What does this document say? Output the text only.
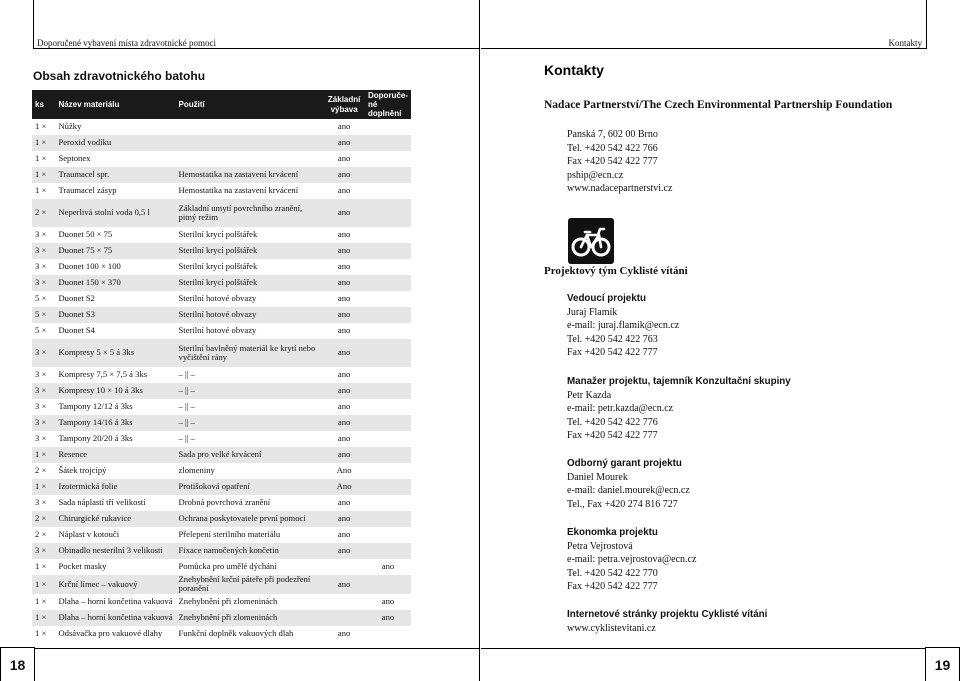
Doporučené vybavení místa zdravotnické pomoci	Kontakty
18	19
Obsah zdravotnického batohu
ks	Název materiálu	Použití	Základní výbava	Doporuče-né doplnění
1 ×	Nůžky		ano	
1 ×	Peroxid vodíku		ano	
1 ×	Septonex		ano	
1 ×	Traumacel spr.	Hemostatika na zastavení krvácení	ano	
1 ×	Traumacel zásyp	Hemostatika na zastavení krvácení	ano	
2 ×	Neperlivá stolní voda 0,5 l	Základní umytí povrchního zranění, pitný režim	ano	
3 ×	Duonet 50 × 75	Sterilní krycí polštářek	ano	
3 ×	Duonet 75 × 75	Sterilní krycí polštářek	ano	
3 ×	Duonet 100 × 100	Sterilní krycí polštářek	ano	
3 ×	Duonet 150 × 370	Sterilní krycí polštářek	ano	
5 ×	Duonet S2	Sterilní hotové obvazy	ano	
5 ×	Duonet S3	Sterilní hotové obvazy	ano	
5 ×	Duonet S4	Sterilní hotové obvazy	ano	
3 ×	Kompresy 5 × 5 á 3ks	Sterilní bavlněný materiál ke krytí nebo vyčištění rány	ano	
3 ×	Kompresy 7,5 × 7,5 á 3ks	– || –	ano	
3 ×	Kompresy 10 × 10 á 3ks	– || –	ano	
3 ×	Tampony 12/12 á 3ks	– || –	ano	
3 ×	Tampony 14/16 á 3ks	– || –	ano	
3 ×	Tampony 20/20 á 3ks	– || –	ano	
1 ×	Resence	Sada pro velké krvácení	ano	
2 ×	Šátek trojcípý	zlomeniny	Ano	
1 ×	Izotermická folie	Protišoková opatření	Ano	
3 ×	Sada náplastí tří velikostí	Drobná povrchová zranění	ano	
2 ×	Chirurgické rukavice	Ochrana poskytovatele první pomoci	ano	
2 ×	Náplast v kotouči	Přelepení sterilního materiálu	ano	
3 ×	Obinadlo nesterilní 3 velikosti	Fixace namočených končetin	ano	
1 ×	Pocket masky	Pomůcka pro umělé dýchání		ano
1 ×	Krční límec – vakuový	Znehybnění krční páteře při podezření poranění	ano	
1 ×	Dlaha – horní končetina vakuová	Znehybnění při zlomeninách		ano
1 ×	Dlaha – horní končetina vakuová	Znehybnění při zlomeninách		ano
1 ×	Odsávačka pro vakuové dlahy	Funkční doplněk vakuových dlah	ano	
Kontakty
Nadace Partnerství/The Czech Environmental Partnership Foundation
Panská 7, 602 00 Brno
Tel. +420 542 422 766
Fax +420 542 422 777
pship@ecn.cz
www.nadacepartnerstvi.cz
Projektový tým Cyklisté vítáni
Vedoucí projektu
Juraj Flamík
e-mail: juraj.flamik@ecn.cz
Tel. +420 542 422 763
Fax +420 542 422 777
Manažer projektu, tajemník Konzultační skupiny
Petr Kazda
e-mail: petr.kazda@ecn.cz
Tel. +420 542 422 776
Fax +420 542 422 777
Odborný garant projektu
Daniel Mourek
e-mail: daniel.mourek@ecn.cz
Tel., Fax +420 274 816 727
Ekonomka projektu
Petra Vejrostová
e-mail: petra.vejrostova@ecn.cz
Tel. +420 542 422 770
Fax +420 542 422 777
Internetové stránky projektu Cyklisté vítáni
www.cyklistevitani.cz
